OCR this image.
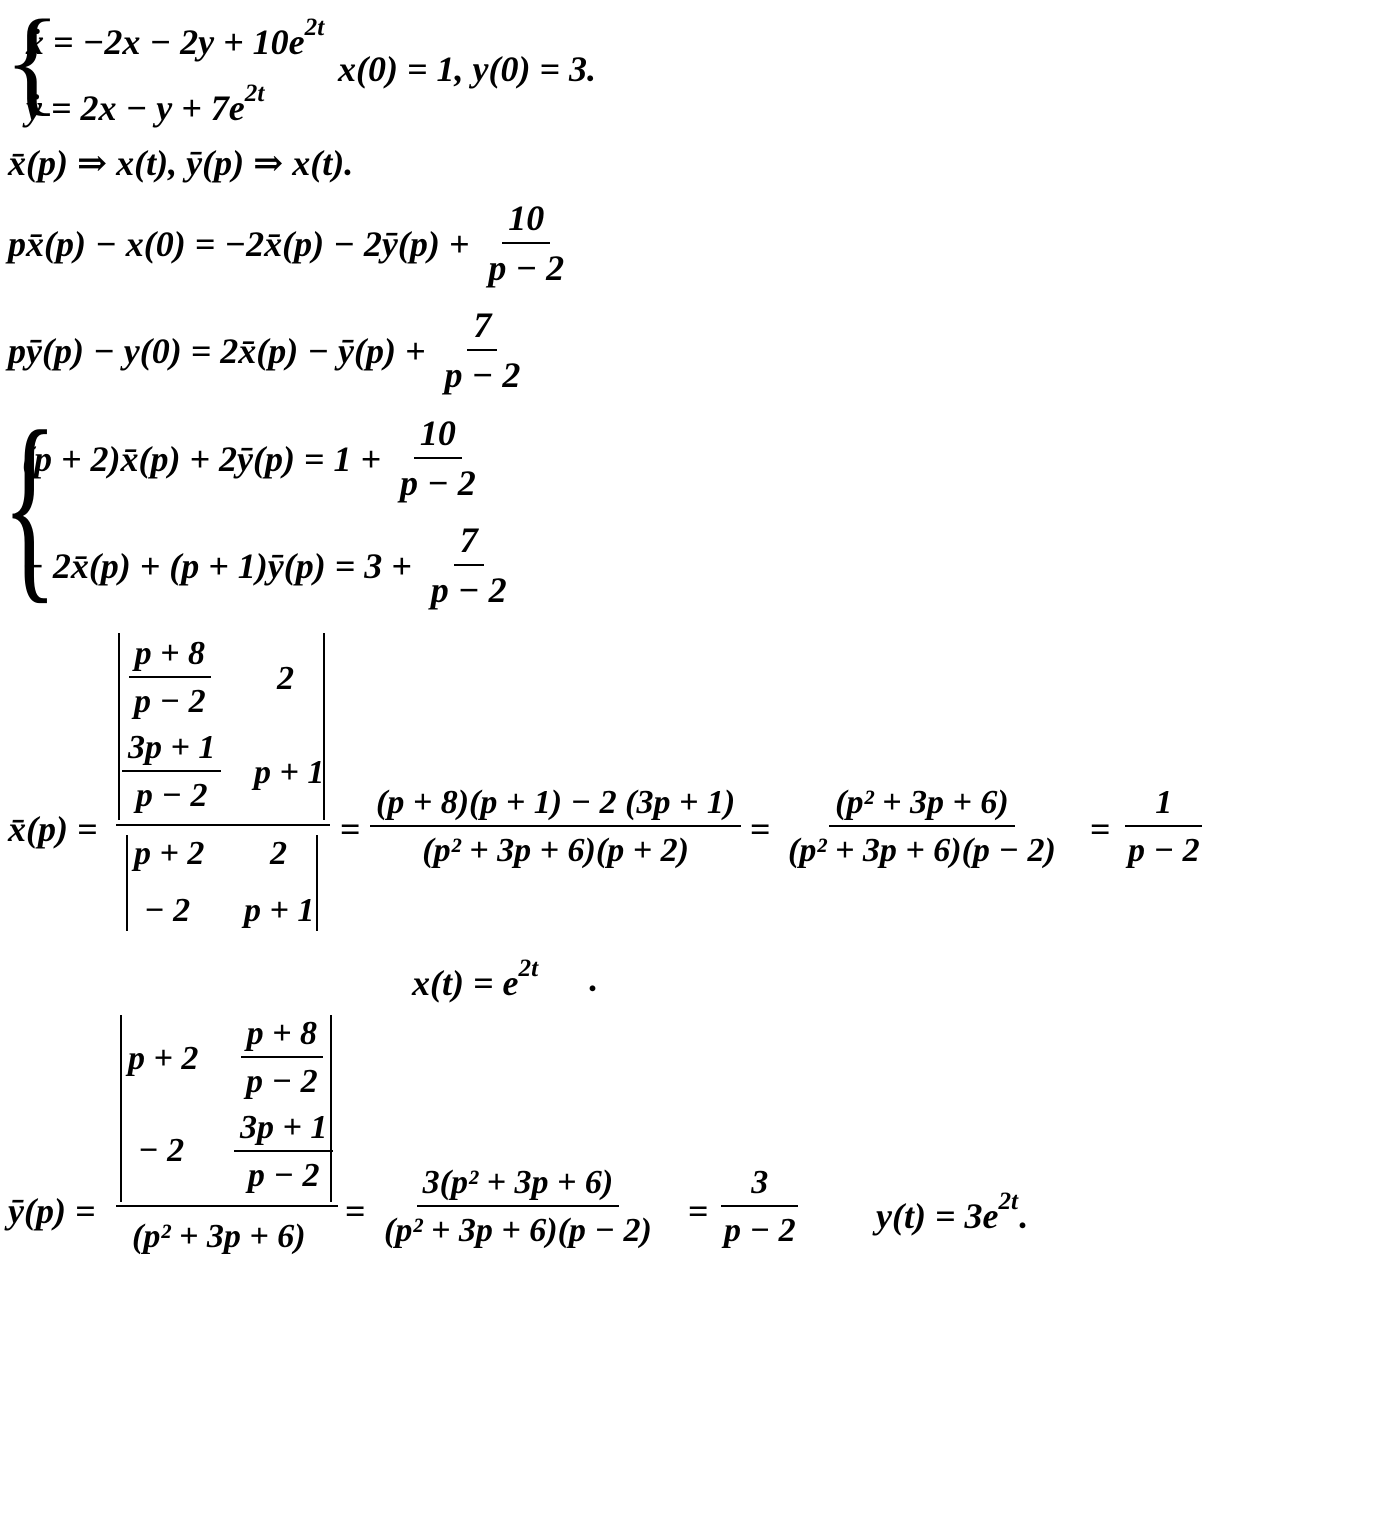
{
ẋ = $-2x - 2y + 10e^{2t}$
ẏ = $2x - y + 7e^{2t}$
x(0) = 1, y(0) = 3.
x̄(p) ⇒ x(t), ȳ(p) ⇒ x(t).
px̄(p) − x(0) = −2x̄(p) − 2ȳ(p) + $\frac{10}{p - 2}$
pȳ(p) − y(0) = 2x̄(p) − ȳ(p) + $\frac{7}{p - 2}$
{
(p + 2)x̄(p) + 2ȳ(p) = $1 + \frac{10}{p - 2}$
− 2x̄(p) + (p + 1)ȳ(p) = $3 + \frac{7}{p - 2}$
x̄(p) =
$\frac{p + 8}{p - 2} 2$
$\frac{3p + 1}{p - 2}$ p + 1
p + 2 2
− 2 p + 1
= $\frac{(p + 8)(p + 1) - 2 (3p + 1)}{\text{(p² + 3p + 6)(p + 2)}} = \frac{\text{(p² + 3p + 6)}}{\text{(p² + 3p + 6)(p − 2)}} = \frac{1}{p - 2}$
$x(t) = e^{2t}$ .
ȳ(p) =
$p + 2 \frac{p + 8}{p - 2}$
− $2 \frac{3p + 1}{p - 2}$
(p² + 3p + 6)
= $\frac{\text{3(p² + 3p + 6)}}{\text{(p² + 3p + 6)(p − 2)}} = \frac{3}{p - 2} y(t) = 3e^{2t}$.
